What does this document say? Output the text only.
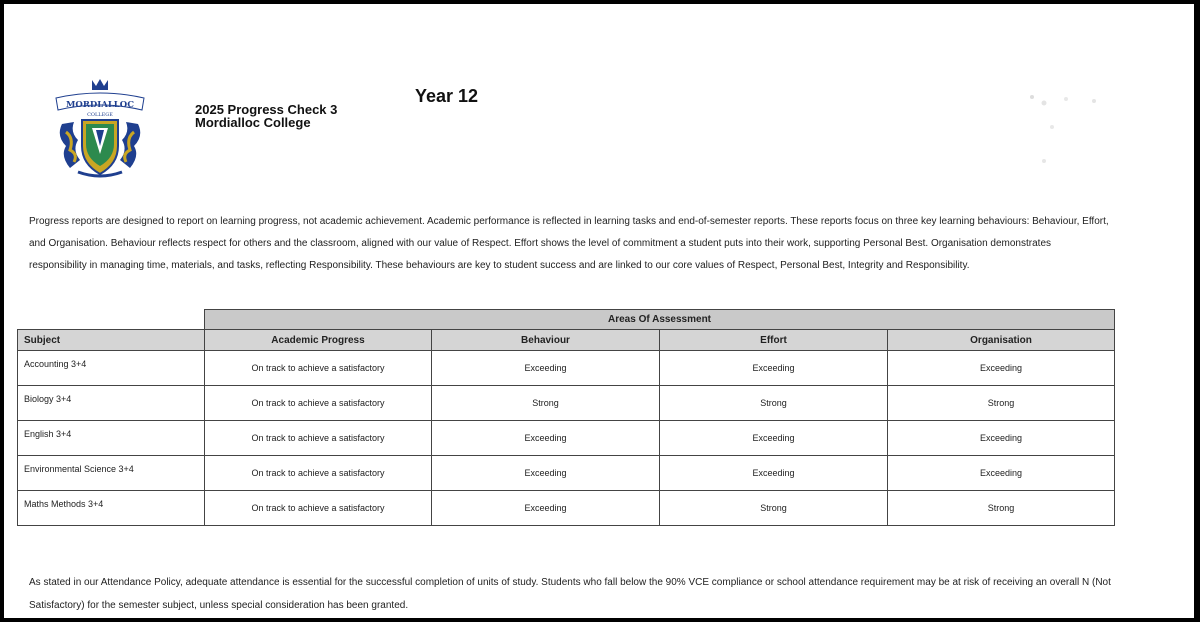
MORDIALLOC
COLLEGE	2025 Progress Check 3
Mordialloc College
Year 12
Progress reports are designed to report on learning progress, not academic achievement. Academic performance is reflected in learning tasks and end-of-semester reports. These reports focus on three key learning behaviours: Behaviour, Effort, and Organisation. Behaviour reflects respect for others and the classroom, aligned with our value of Respect. Effort shows the level of commitment a student puts into their work, supporting Personal Best. Organisation demonstrates responsibility in managing time, materials, and tasks, reflecting Responsibility. These behaviours are key to student success and are linked to our core values of Respect, Personal Best, Integrity and Responsibility.
	Areas Of Assessment			
Subject	Academic Progress	Behaviour	Effort	Organisation
Accounting 3+4	On track to achieve a satisfactory	Exceeding	Exceeding	Exceeding
Biology 3+4	On track to achieve a satisfactory	Strong	Strong	Strong
English 3+4	On track to achieve a satisfactory	Exceeding	Exceeding	Exceeding
Environmental Science 3+4	On track to achieve a satisfactory	Exceeding	Exceeding	Exceeding
Maths Methods 3+4	On track to achieve a satisfactory	Exceeding	Strong	Strong
As stated in our Attendance Policy, adequate attendance is essential for the successful completion of units of study. Students who fall below the 90% VCE compliance or school attendance requirement may be at risk of receiving an overall N (Not Satisfactory) for the semester subject, unless special consideration has been granted.
